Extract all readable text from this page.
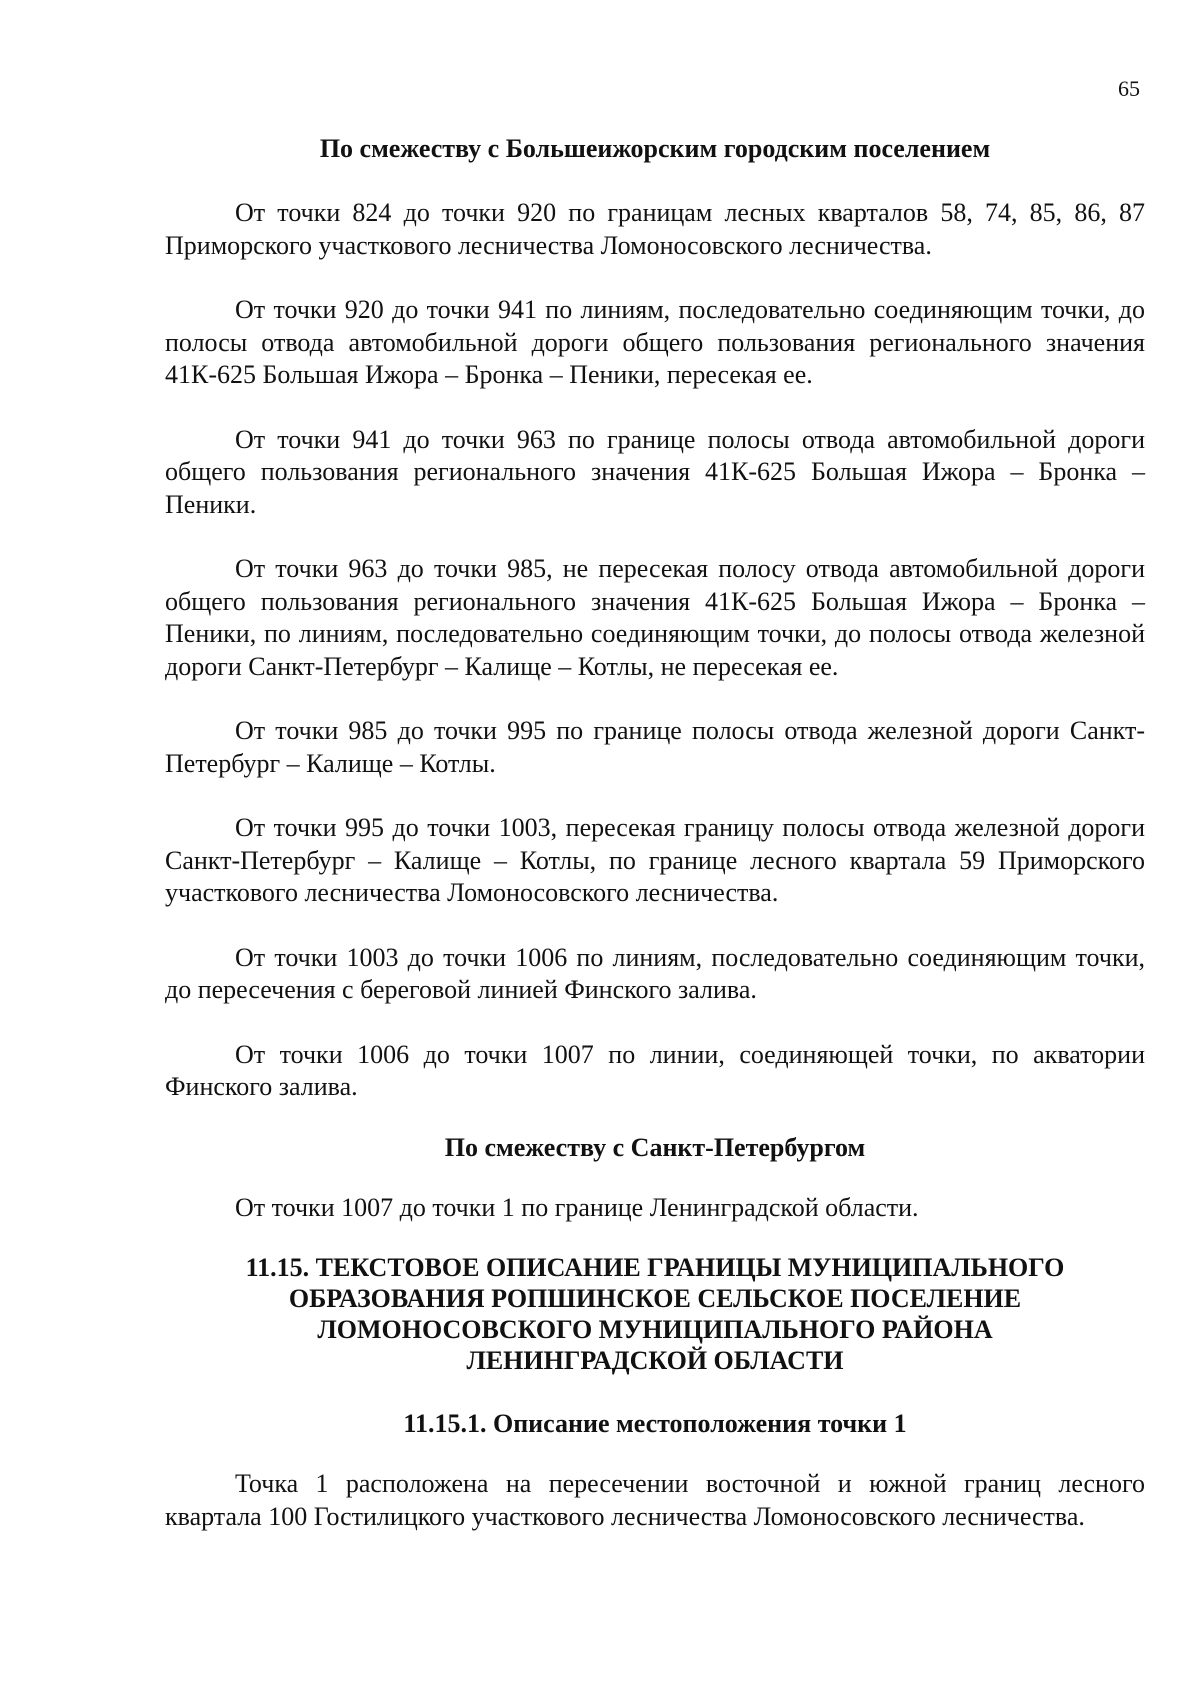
65

По смежеству с Большеижорским городским поселением

От точки 824 до точки 920 по границам лесных кварталов 58, 74, 85, 86, 87 Приморского участкового лесничества Ломоносовского лесничества.

От точки 920 до точки 941 по линиям, последовательно соединяющим точки, до полосы отвода автомобильной дороги общего пользования регионального значения 41К-625 Большая Ижора – Бронка – Пеники, пересекая ее.

От точки 941 до точки 963 по границе полосы отвода автомобильной дороги общего пользования регионального значения 41К-625 Большая Ижора – Бронка – Пеники.

От точки 963 до точки 985, не пересекая полосу отвода автомобильной дороги общего пользования регионального значения 41К-625 Большая Ижора – Бронка – Пеники, по линиям, последовательно соединяющим точки, до полосы отвода железной дороги Санкт-Петербург – Калище – Котлы, не пересекая ее.

От точки 985 до точки 995 по границе полосы отвода железной дороги Санкт-Петербург – Калище – Котлы.

От точки 995 до точки 1003, пересекая границу полосы отвода железной дороги Санкт-Петербург – Калище – Котлы, по границе лесного квартала 59 Приморского участкового лесничества Ломоносовского лесничества.

От точки 1003 до точки 1006 по линиям, последовательно соединяющим точки, до пересечения с береговой линией Финского залива.

От точки 1006 до точки 1007 по линии, соединяющей точки, по акватории Финского залива.

По смежеству с Санкт-Петербургом

От точки 1007 до точки 1 по границе Ленинградской области.

11.15. ТЕКСТОВОЕ ОПИСАНИЕ ГРАНИЦЫ МУНИЦИПАЛЬНОГО

ОБРАЗОВАНИЯ РОПШИНСКОЕ СЕЛЬСКОЕ ПОСЕЛЕНИЕ

ЛОМОНОСОВСКОГО МУНИЦИПАЛЬНОГО РАЙОНА

ЛЕНИНГРАДСКОЙ ОБЛАСТИ

11.15.1. Описание местоположения точки 1

Точка 1 расположена на пересечении восточной и южной границ лесного квартала 100 Гостилицкого участкового лесничества Ломоносовского лесничества.
